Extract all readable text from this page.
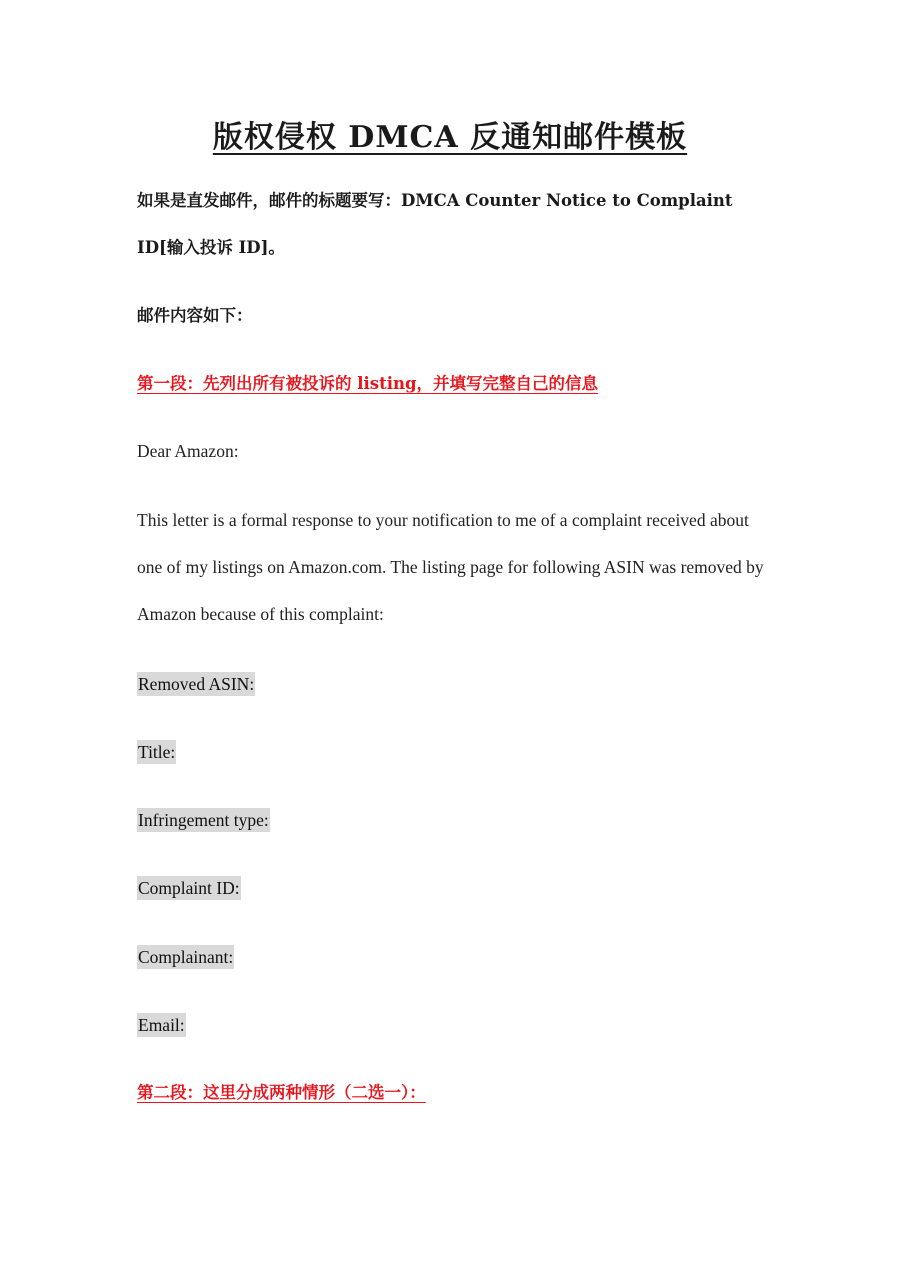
版权侵权 DMCA 反通知邮件模板
如果是直发邮件，邮件的标题要写：DMCA Counter Notice to Complaint ID[输入投诉 ID]。
邮件内容如下：
第一段：先列出所有被投诉的 listing，并填写完整自己的信息
Dear Amazon:
This letter is a formal response to your notification to me of a complaint received about one of my listings on Amazon.com. The listing page for following ASIN was removed by Amazon because of this complaint:
Removed ASIN:
Title:
Infringement type:
Complaint ID:
Complainant:
Email:
第二段：这里分成两种情形（二选一）：
